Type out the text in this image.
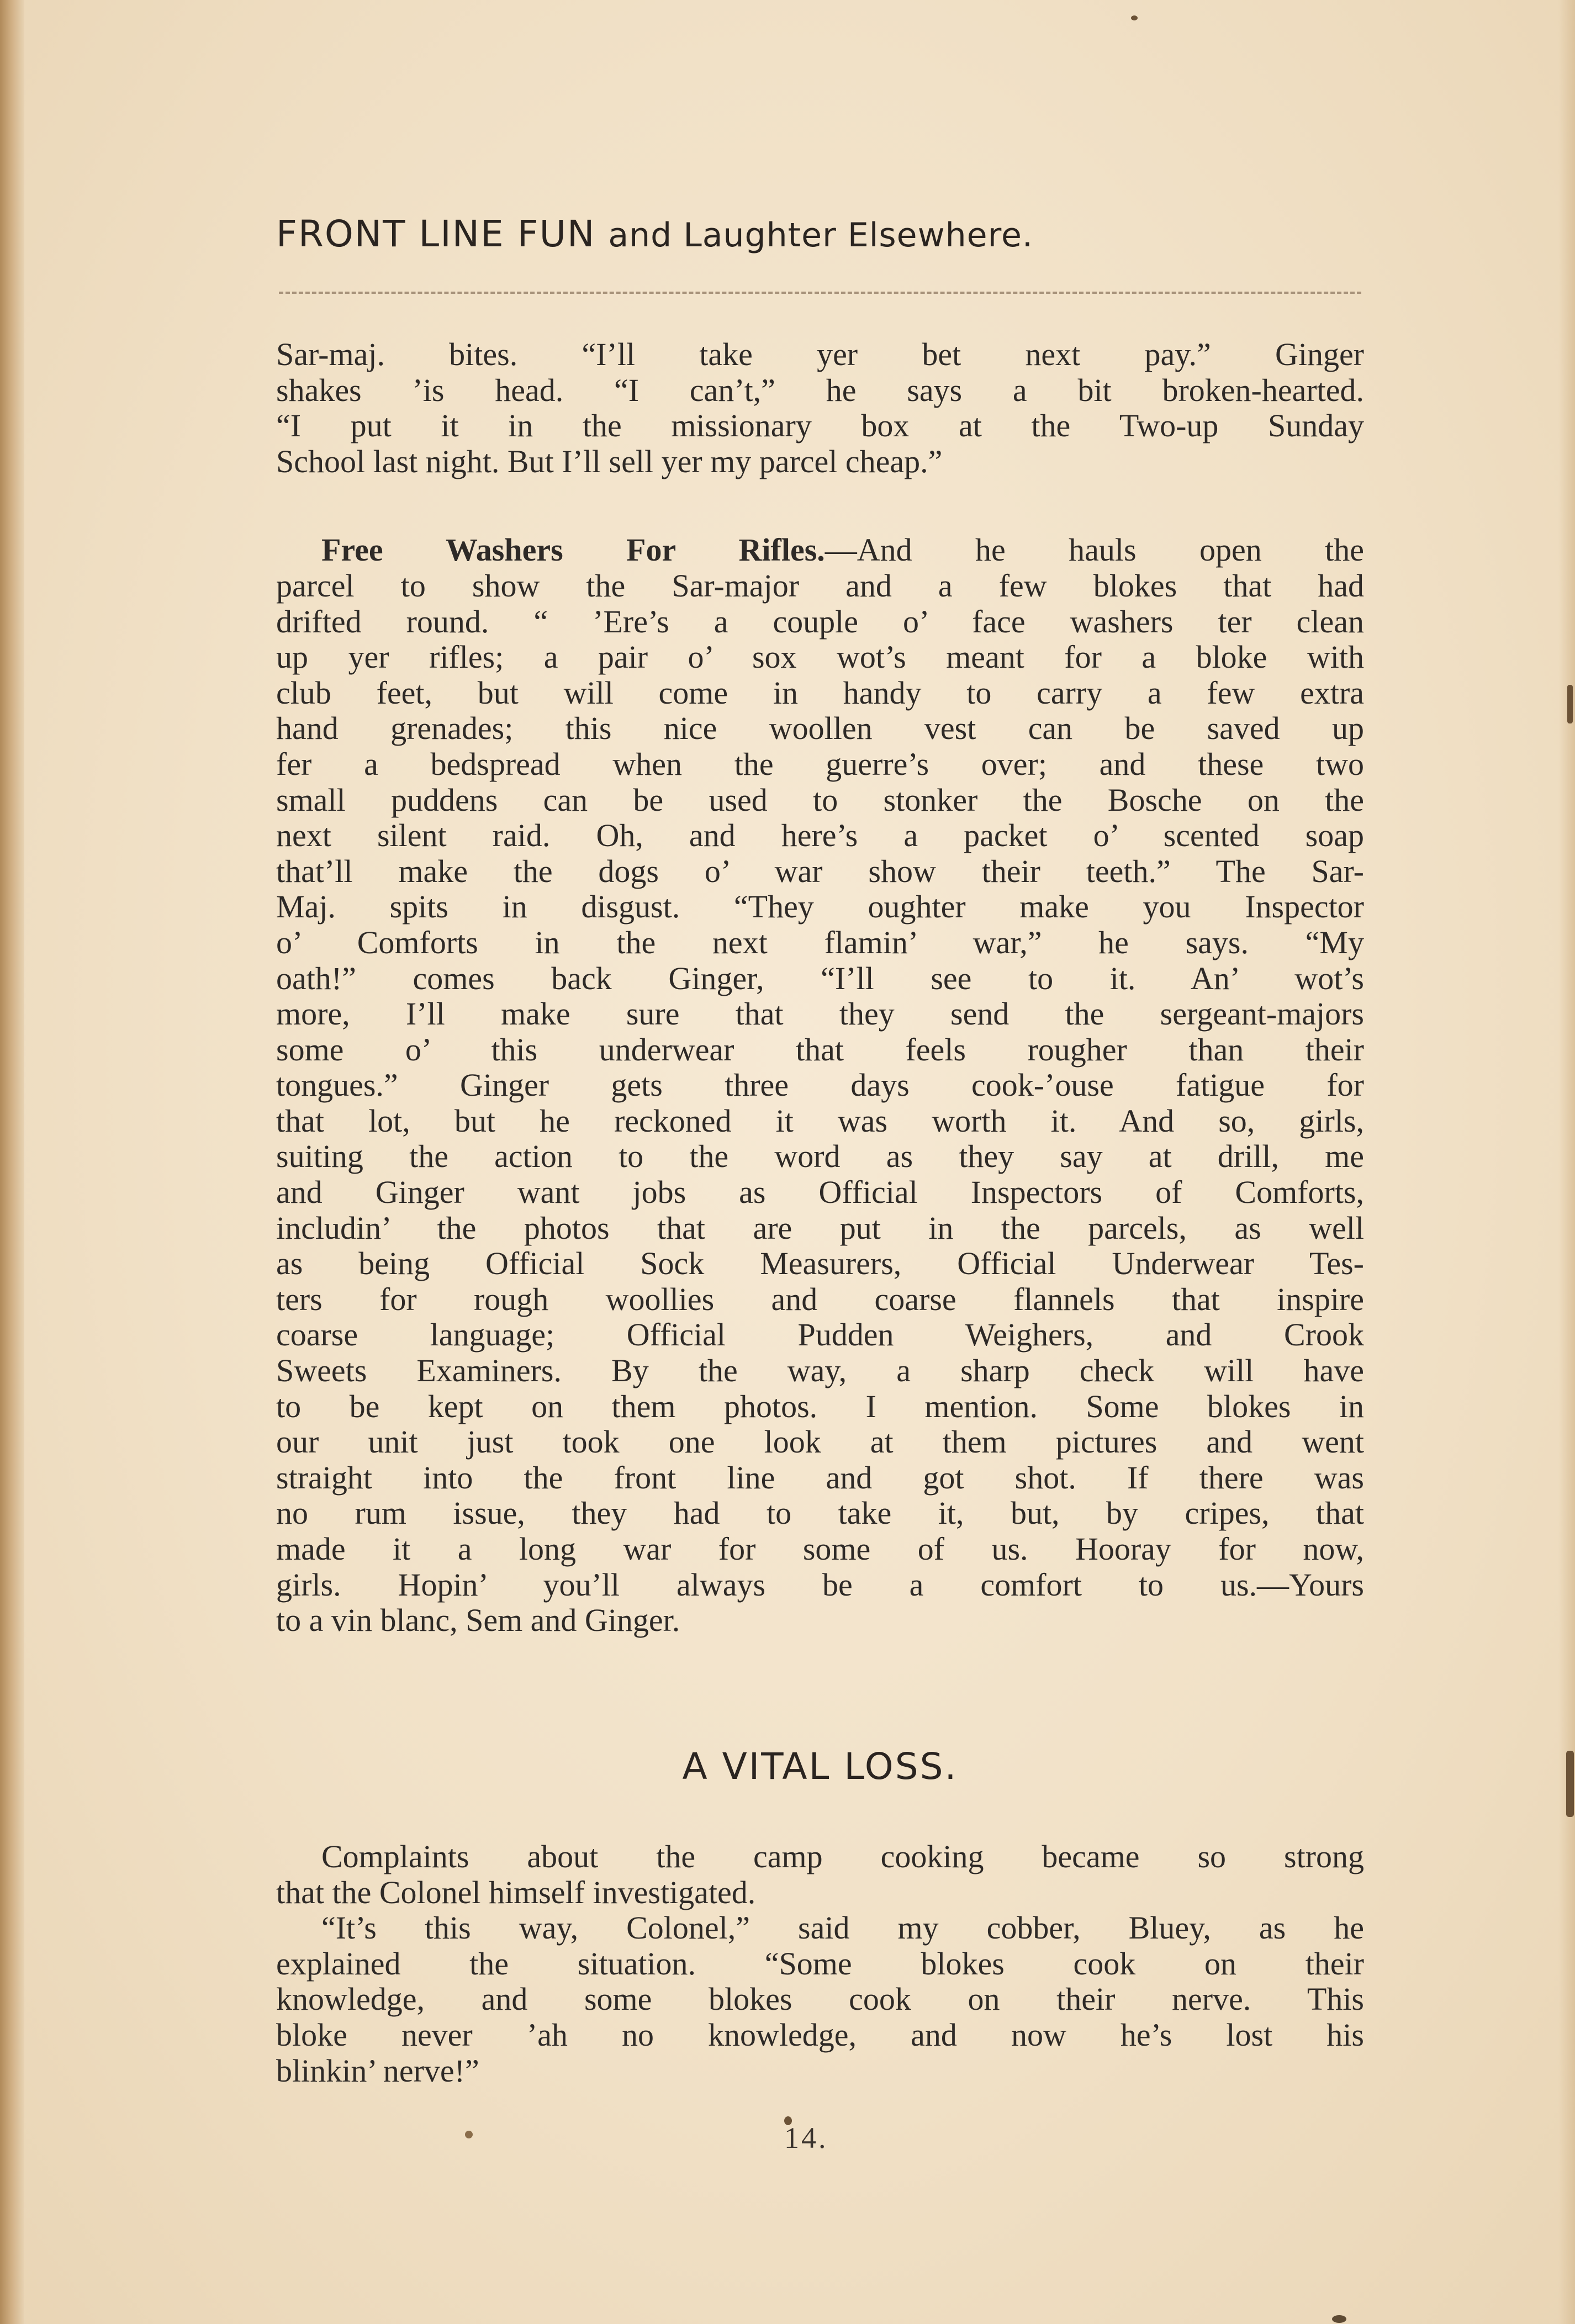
FRONT LINE FUN and Laughter Elsewhere.
Sar-maj. bites. “I’ll take yer bet next pay.” Ginger
shakes ’is head. “I can’t,” he says a bit broken-hearted.
“I put it in the missionary box at the Two-up Sunday
School last night. But I’ll sell yer my parcel cheap.”
Free Washers For Rifles.—And he hauls open the
parcel to show the Sar-major and a few blokes that had
drifted round. “ ’Ere’s a couple o’ face washers ter clean
up yer rifles; a pair o’ sox wot’s meant for a bloke with
club feet, but will come in handy to carry a few extra
hand grenades; this nice woollen vest can be saved up
fer a bedspread when the guerre’s over; and these two
small puddens can be used to stonker the Bosche on the
next silent raid. Oh, and here’s a packet o’ scented soap
that’ll make the dogs o’ war show their teeth.” The Sar-
Maj. spits in disgust. “They oughter make you Inspector
o’ Comforts in the next flamin’ war,” he says. “My
oath!” comes back Ginger, “I’ll see to it. An’ wot’s
more, I’ll make sure that they send the sergeant-majors
some o’ this underwear that feels rougher than their
tongues.” Ginger gets three days cook-’ouse fatigue for
that lot, but he reckoned it was worth it. And so, girls,
suiting the action to the word as they say at drill, me
and Ginger want jobs as Official Inspectors of Comforts,
includin’ the photos that are put in the parcels, as well
as being Official Sock Measurers, Official Underwear Tes-
ters for rough woollies and coarse flannels that inspire
coarse language; Official Pudden Weighers, and Crook
Sweets Examiners. By the way, a sharp check will have
to be kept on them photos. I mention. Some blokes in
our unit just took one look at them pictures and went
straight into the front line and got shot. If there was
no rum issue, they had to take it, but, by cripes, that
made it a long war for some of us. Hooray for now,
girls. Hopin’ you’ll always be a comfort to us.—Yours
to a vin blanc, Sem and Ginger.
A VITAL LOSS.
Complaints about the camp cooking became so strong
that the Colonel himself investigated.
“It’s this way, Colonel,” said my cobber, Bluey, as he
explained the situation. “Some blokes cook on their
knowledge, and some blokes cook on their nerve. This
bloke never ’ah no knowledge, and now he’s lost his
blinkin’ nerve!”
14.
